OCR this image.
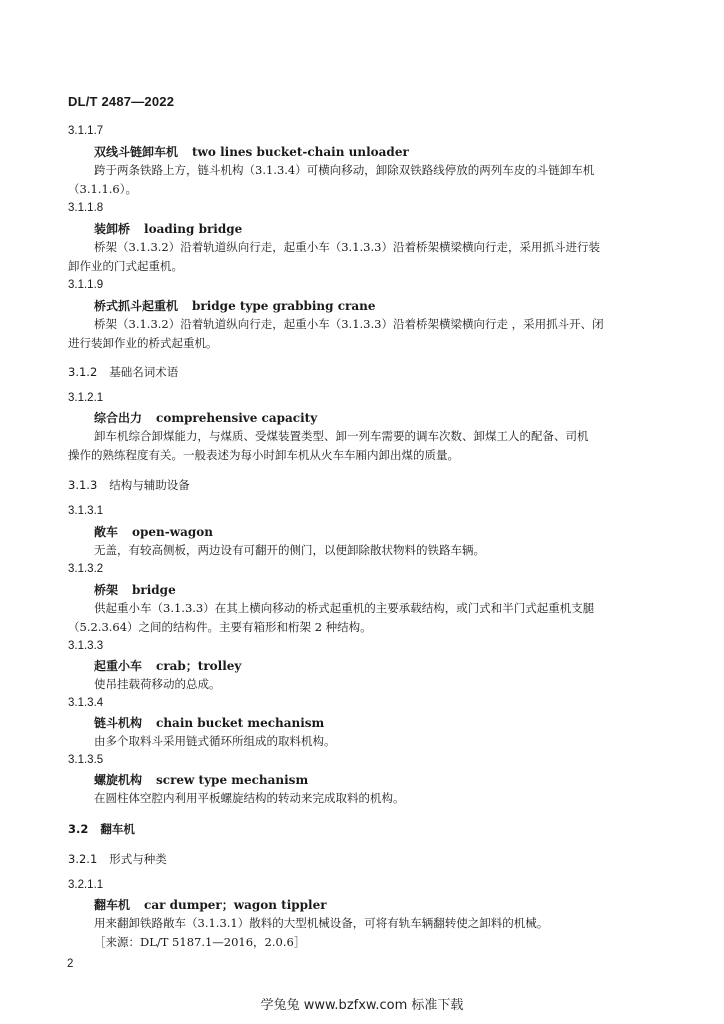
DL/T 2487—2022
3.1.1.7
双线斗链卸车机 two lines bucket-chain unloader
跨于两条铁路上方，链斗机构（3.1.3.4）可横向移动，卸除双铁路线停放的两列车皮的斗链卸车机
（3.1.1.6）。
3.1.1.8
装卸桥 loading bridge
桥架（3.1.3.2）沿着轨道纵向行走，起重小车（3.1.3.3）沿着桥架横梁横向行走，采用抓斗进行装
卸作业的门式起重机。
3.1.1.9
桥式抓斗起重机 bridge type grabbing crane
桥架（3.1.3.2）沿着轨道纵向行走，起重小车（3.1.3.3）沿着桥架横梁横向行走 ，采用抓斗开、闭
进行装卸作业的桥式起重机。
3.1.2 基础名词术语
3.1.2.1
综合出力 comprehensive capacity
卸车机综合卸煤能力，与煤质、受煤装置类型、卸一列车需要的调车次数、卸煤工人的配备、司机
操作的熟练程度有关。一般表述为每小时卸车机从火车车厢内卸出煤的质量。
3.1.3 结构与辅助设备
3.1.3.1
敞车 open-wagon
无盖，有较高侧板，两边设有可翻开的侧门，以便卸除散状物料的铁路车辆。
3.1.3.2
桥架 bridge
供起重小车（3.1.3.3）在其上横向移动的桥式起重机的主要承载结构，或门式和半门式起重机支腿
（5.2.3.64）之间的结构件。主要有箱形和桁架 2 种结构。
3.1.3.3
起重小车 crab；trolley
使吊挂载荷移动的总成。
3.1.3.4
链斗机构 chain bucket mechanism
由多个取料斗采用链式循环所组成的取料机构。
3.1.3.5
螺旋机构 screw type mechanism
在圆柱体空腔内利用平板螺旋结构的转动来完成取料的机构。
3.2 翻车机
3.2.1 形式与种类
3.2.1.1
翻车机 car dumper；wagon tippler
用来翻卸铁路敞车（3.1.3.1）散料的大型机械设备，可将有轨车辆翻转使之卸料的机械。
［来源：DL/T 5187.1—2016，2.0.6］
2
学兔兔 www.bzfxw.com 标准下载
